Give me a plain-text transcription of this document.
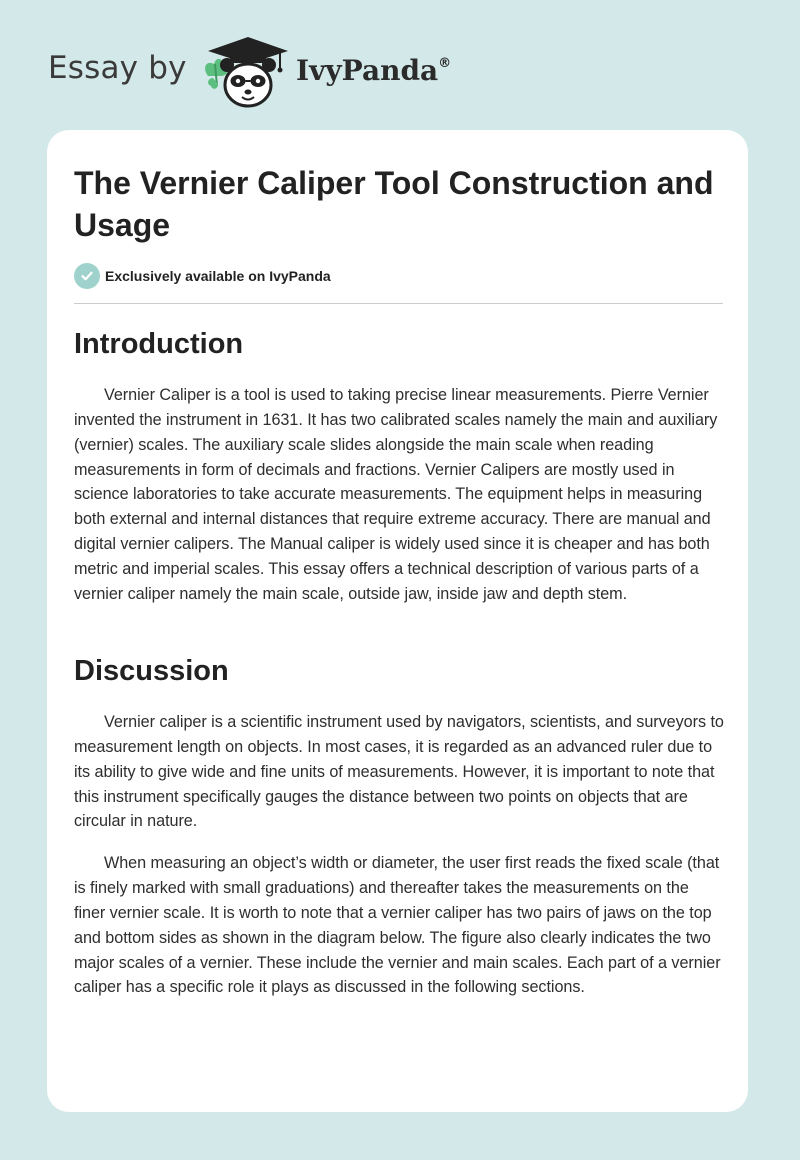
Essay by	IvyPanda®
The Vernier Caliper Tool Construction and Usage
Exclusively available on IvyPanda
Introduction

Vernier Caliper is a tool is used to taking precise linear measurements. Pierre Vernier invented the instrument in 1631. It has two calibrated scales namely the main and auxiliary (vernier) scales. The auxiliary scale slides alongside the main scale when reading measurements in form of decimals and fractions. Vernier Calipers are mostly used in science laboratories to take accurate measurements. The equipment helps in measuring both external and internal distances that require extreme accuracy. There are manual and digital vernier calipers. The Manual caliper is widely used since it is cheaper and has both metric and imperial scales. This essay offers a technical description of various parts of a vernier caliper namely the main scale, outside jaw, inside jaw and depth stem.

Discussion

Vernier caliper is a scientific instrument used by navigators, scientists, and surveyors to measurement length on objects. In most cases, it is regarded as an advanced ruler due to its ability to give wide and fine units of measurements. However, it is important to note that this instrument specifically gauges the distance between two points on objects that are circular in nature.

When measuring an object’s width or diameter, the user first reads the fixed scale (that is finely marked with small graduations) and thereafter takes the measurements on the finer vernier scale. It is worth to note that a vernier caliper has two pairs of jaws on the top and bottom sides as shown in the diagram below. The figure also clearly indicates the two major scales of a vernier. These include the vernier and main scales. Each part of a vernier caliper has a specific role it plays as discussed in the following sections.
